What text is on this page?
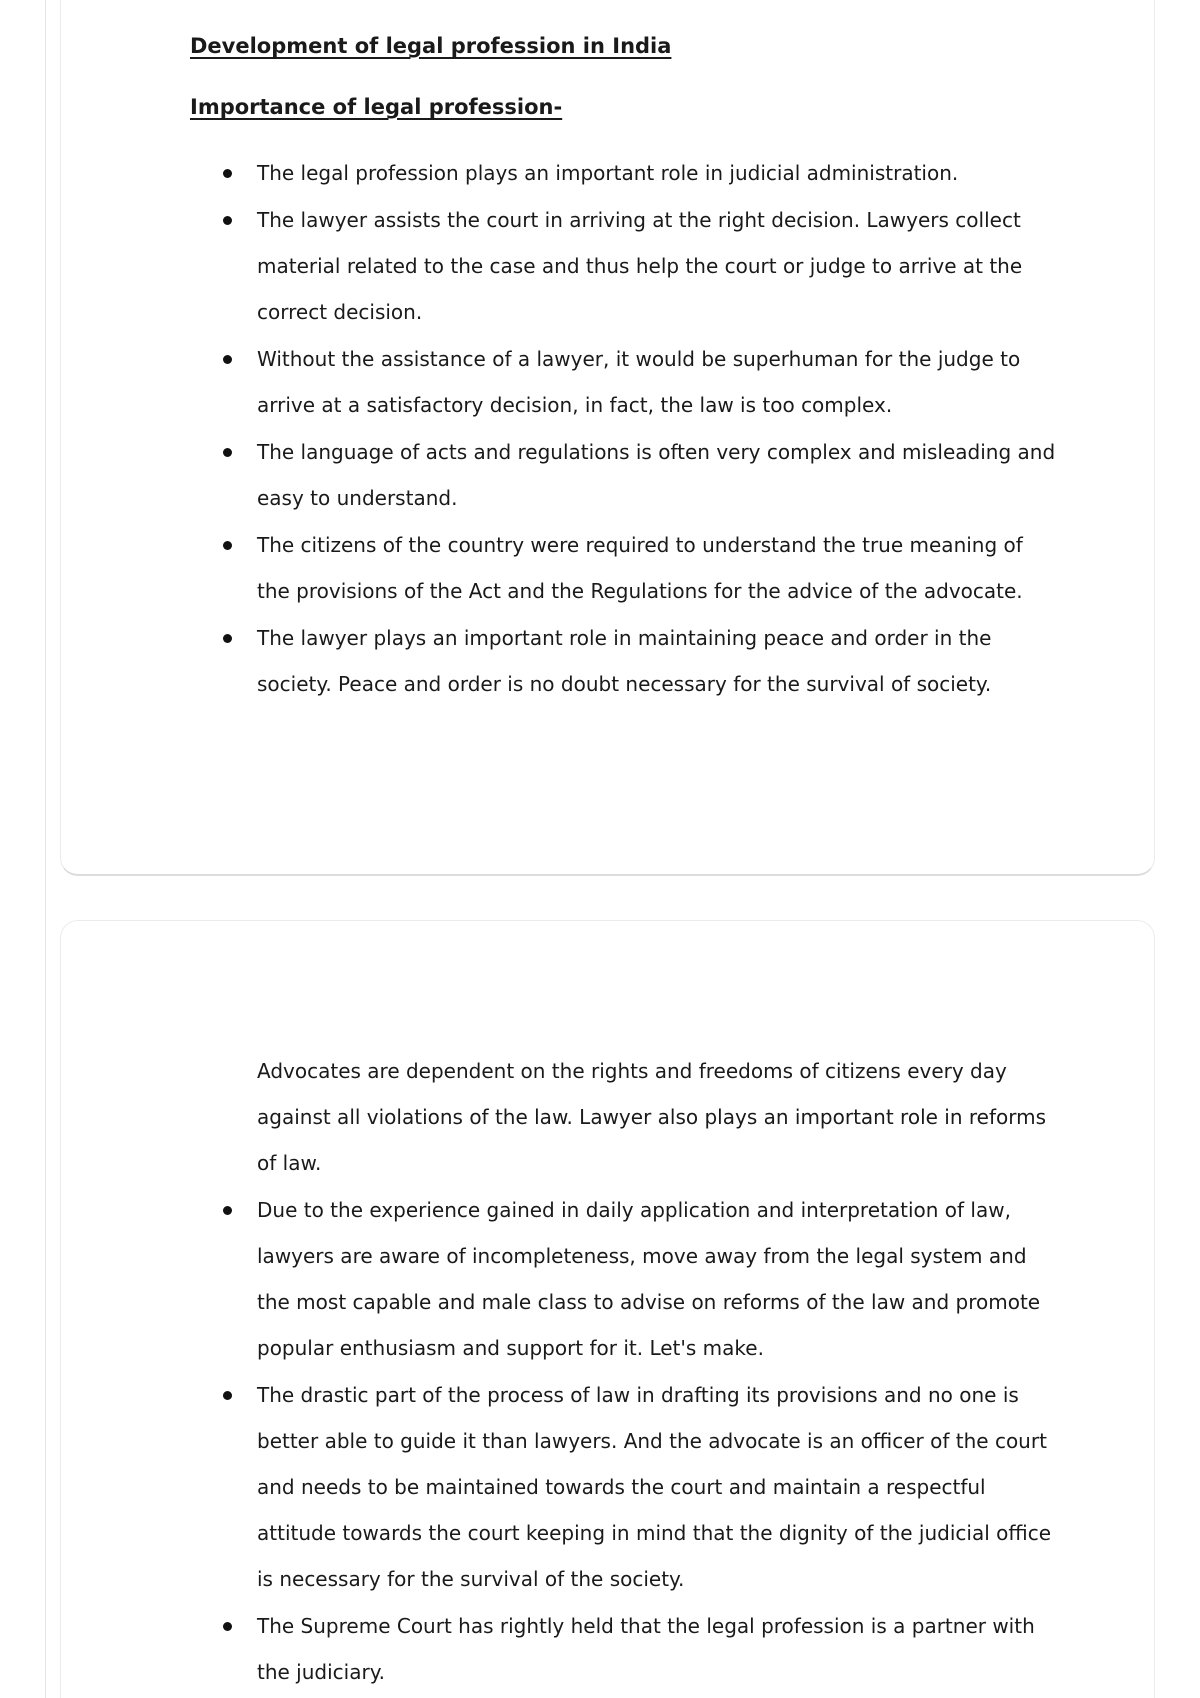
Development of legal profession in India
Importance of legal profession-
The legal profession plays an important role in judicial administration.
The lawyer assists the court in arriving at the right decision. Lawyers collect material related to the case and thus help the court or judge to arrive at the correct decision.
Without the assistance of a lawyer, it would be superhuman for the judge to arrive at a satisfactory decision, in fact, the law is too complex.
The language of acts and regulations is often very complex and misleading and easy to understand.
The citizens of the country were required to understand the true meaning of the provisions of the Act and the Regulations for the advice of the advocate.
The lawyer plays an important role in maintaining peace and order in the society. Peace and order is no doubt necessary for the survival of society.
Advocates are dependent on the rights and freedoms of citizens every day against all violations of the law. Lawyer also plays an important role in reforms of law.
Due to the experience gained in daily application and interpretation of law, lawyers are aware of incompleteness, move away from the legal system and the most capable and male class to advise on reforms of the law and promote popular enthusiasm and support for it. Let's make.
The drastic part of the process of law in drafting its provisions and no one is better able to guide it than lawyers. And the advocate is an officer of the court and needs to be maintained towards the court and maintain a respectful attitude towards the court keeping in mind that the dignity of the judicial office is necessary for the survival of the society.
The Supreme Court has rightly held that the legal profession is a partner with the judiciary.
